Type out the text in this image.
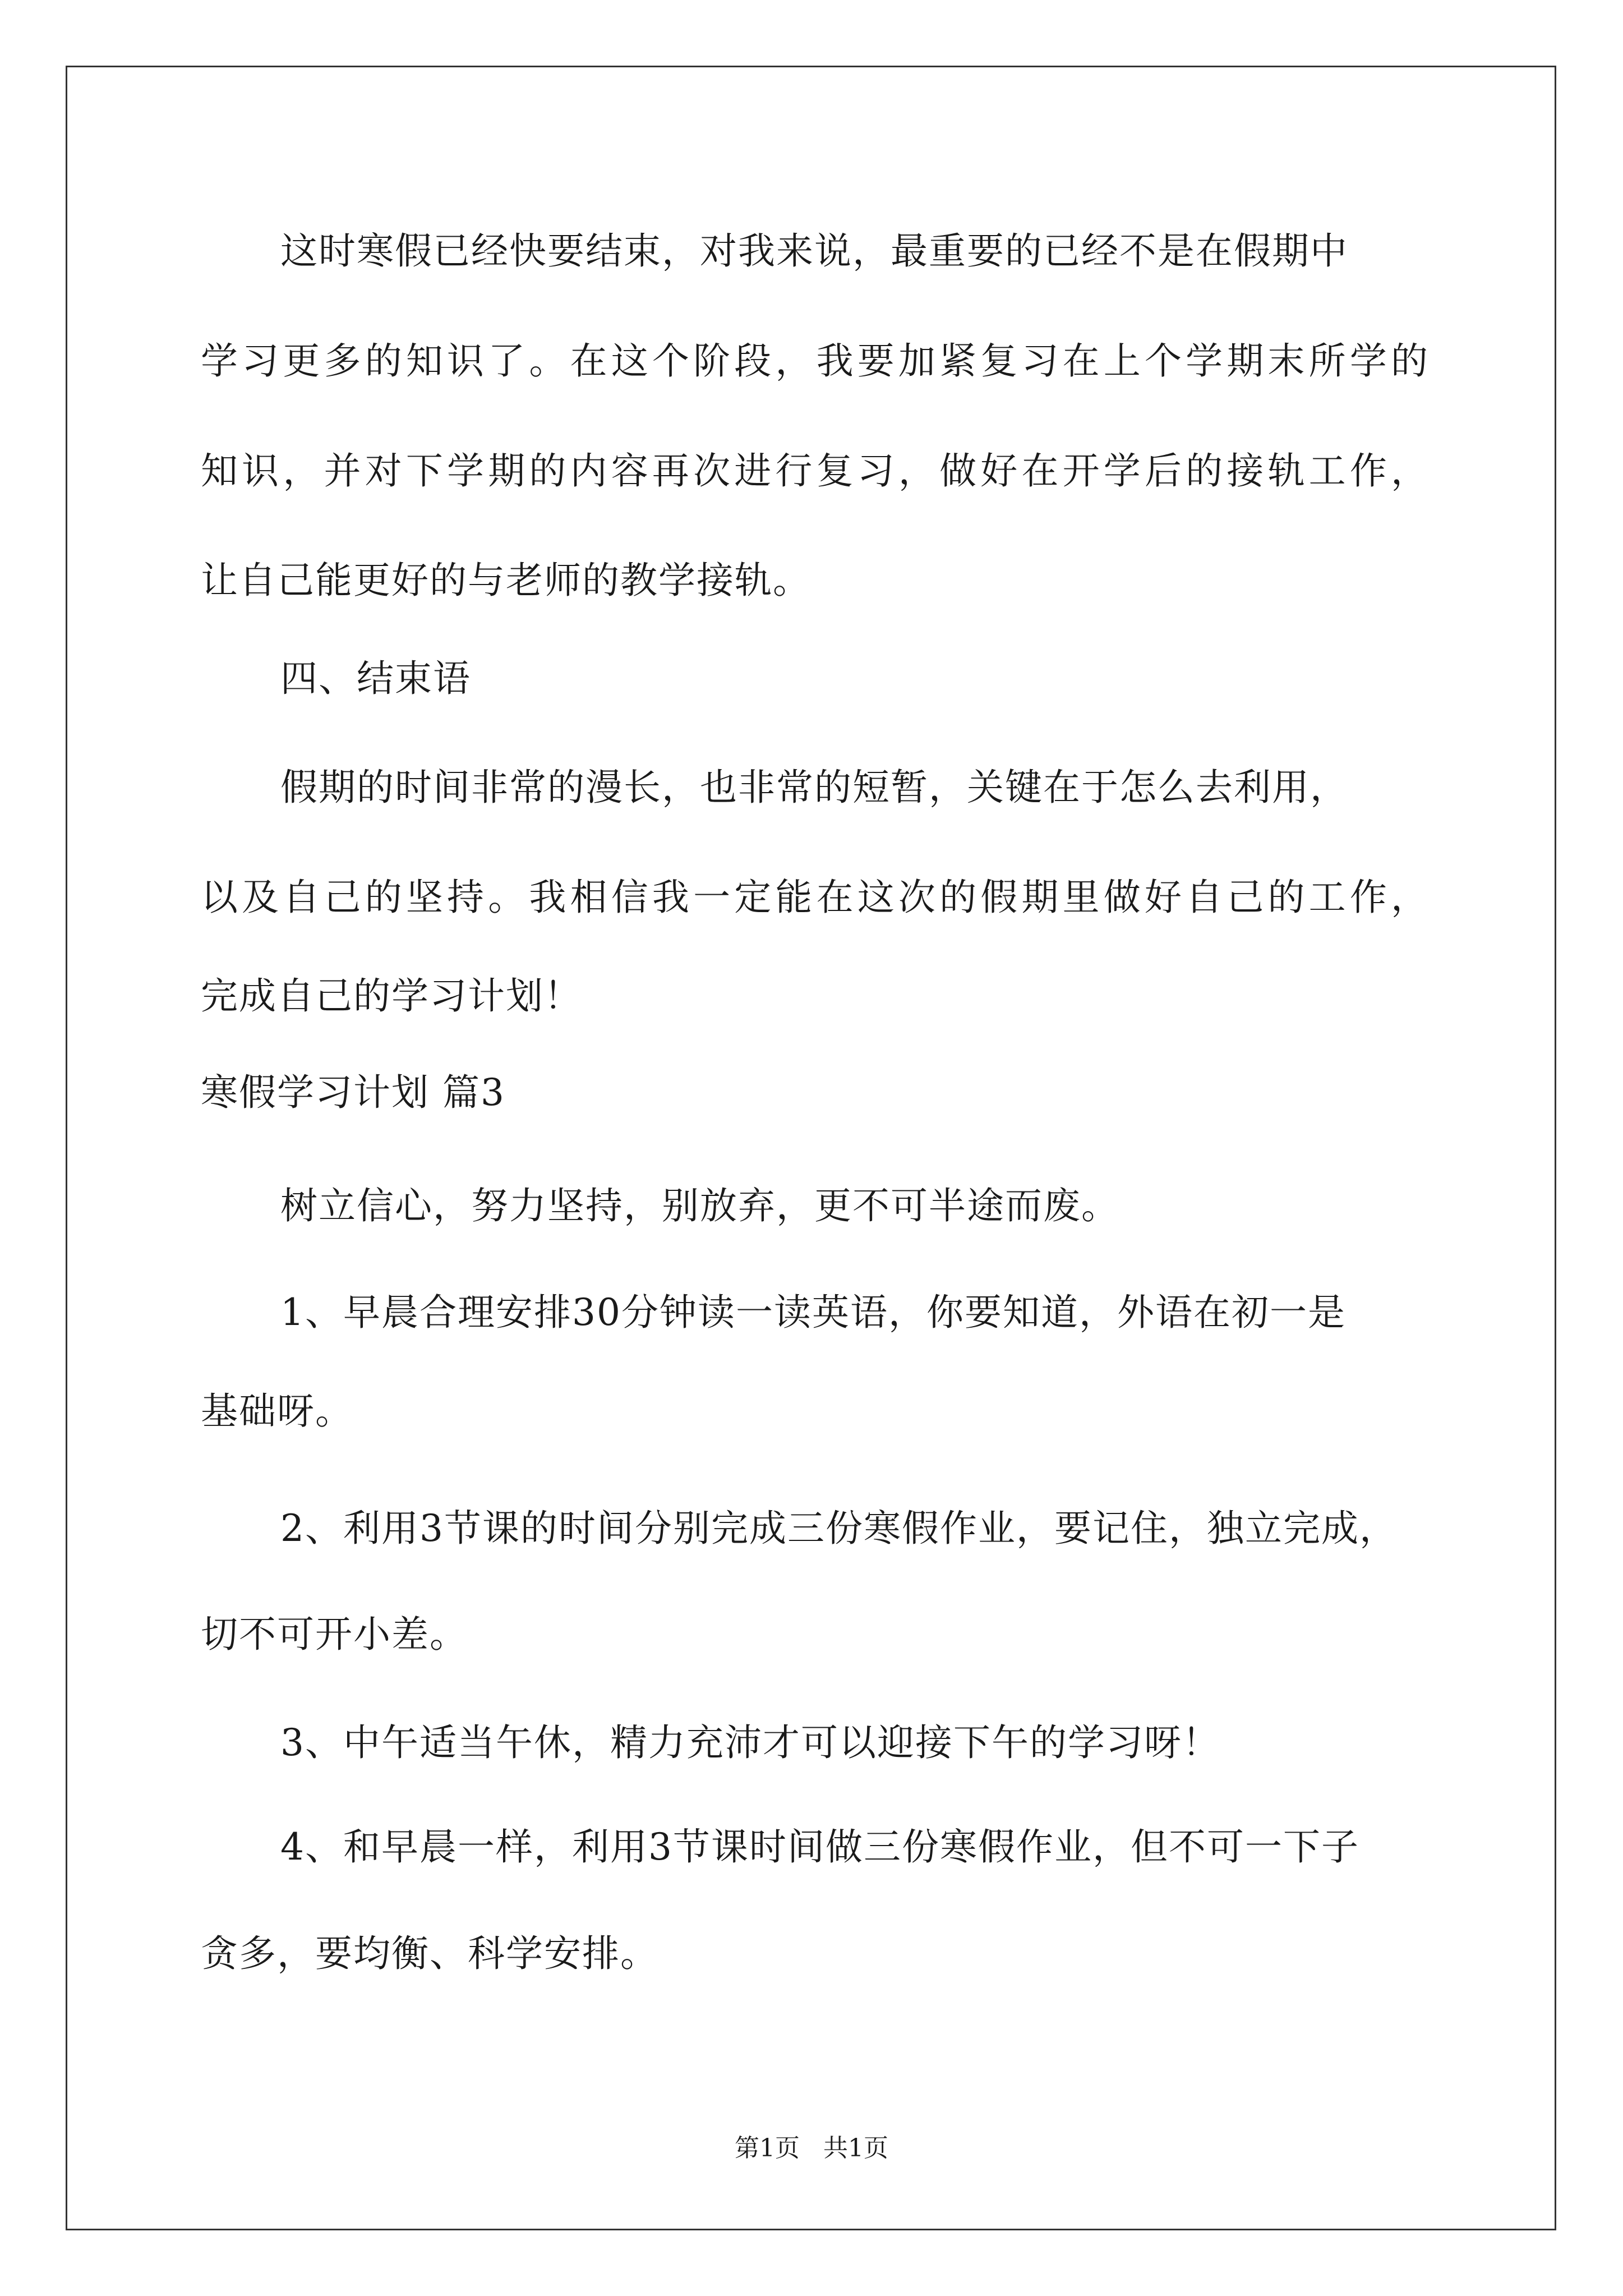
这时寒假已经快要结束，对我来说，最重要的已经不是在假期中
学习更多的知识了。在这个阶段，我要加紧复习在上个学期末所学的
知识，并对下学期的内容再次进行复习，做好在开学后的接轨工作，
让自己能更好的与老师的教学接轨。
四、结束语
假期的时间非常的漫长，也非常的短暂，关键在于怎么去利用，
以及自己的坚持。我相信我一定能在这次的假期里做好自己的工作，
完成自己的学习计划！
寒假学习计划 篇3
树立信心，努力坚持，别放弃，更不可半途而废。
1、早晨合理安排30分钟读一读英语，你要知道，外语在初一是
基础呀。
2、利用3节课的时间分别完成三份寒假作业，要记住，独立完成，
切不可开小差。
3、中午适当午休，精力充沛才可以迎接下午的学习呀！
4、和早晨一样，利用3节课时间做三份寒假作业，但不可一下子
贪多，要均衡、科学安排。
第1页   共1页
